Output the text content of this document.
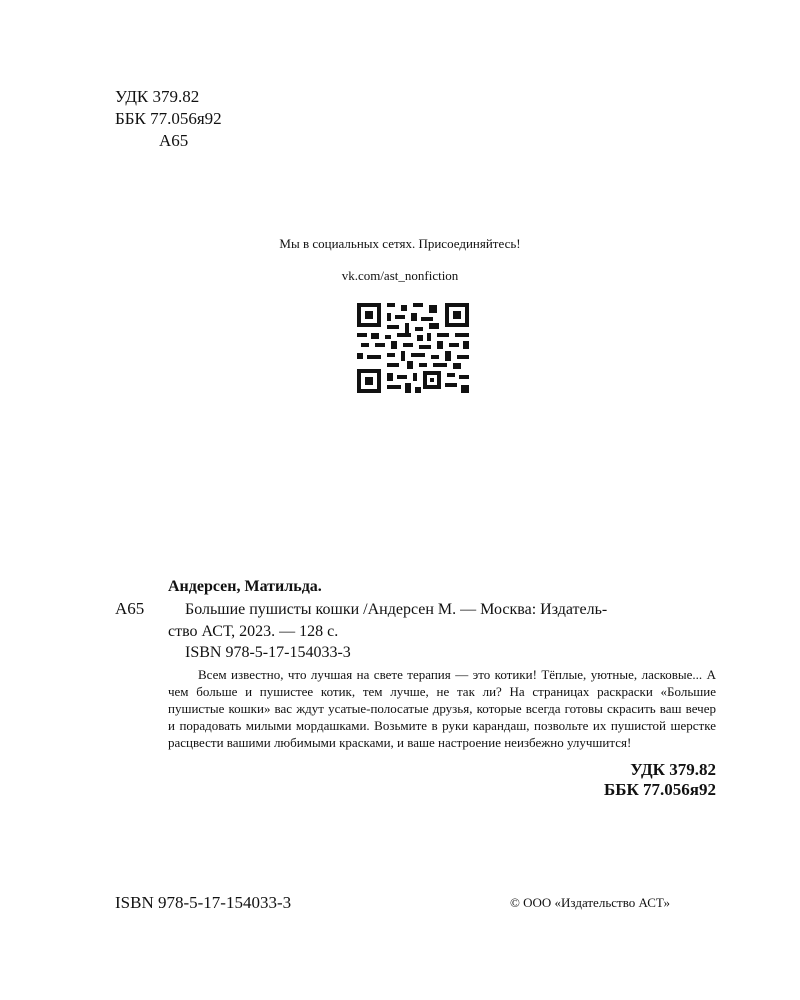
УДК 379.82
ББК 77.056я92
А65
Мы в социальных сетях. Присоединяйтесь!
vk.com/ast_nonfiction
Андерсен, Матильда.
А65	Большие пушисты кошки /Андерсен М. — Москва: Издатель-
ство АСТ, 2023. — 128 с.
ISBN 978-5-17-154033-3
Всем известно, что лучшая на свете терапия — это котики! Тёплые, уютные, ласковые... А чем больше и пушистее котик, тем лучше, не так ли? На страницах раскраски «Большие пушистые кошки» вас ждут усатые-полосатые друзья, которые всегда готовы скрасить ваш вечер и порадовать милыми мордашками. Возьмите в руки карандаш, позвольте их пушистой шерстке расцвести вашими любимыми красками, и ваше настроение неизбежно улучшится!
УДК 379.82
ББК 77.056я92
ISBN 978-5-17-154033-3	© ООО «Издательство АСТ»
